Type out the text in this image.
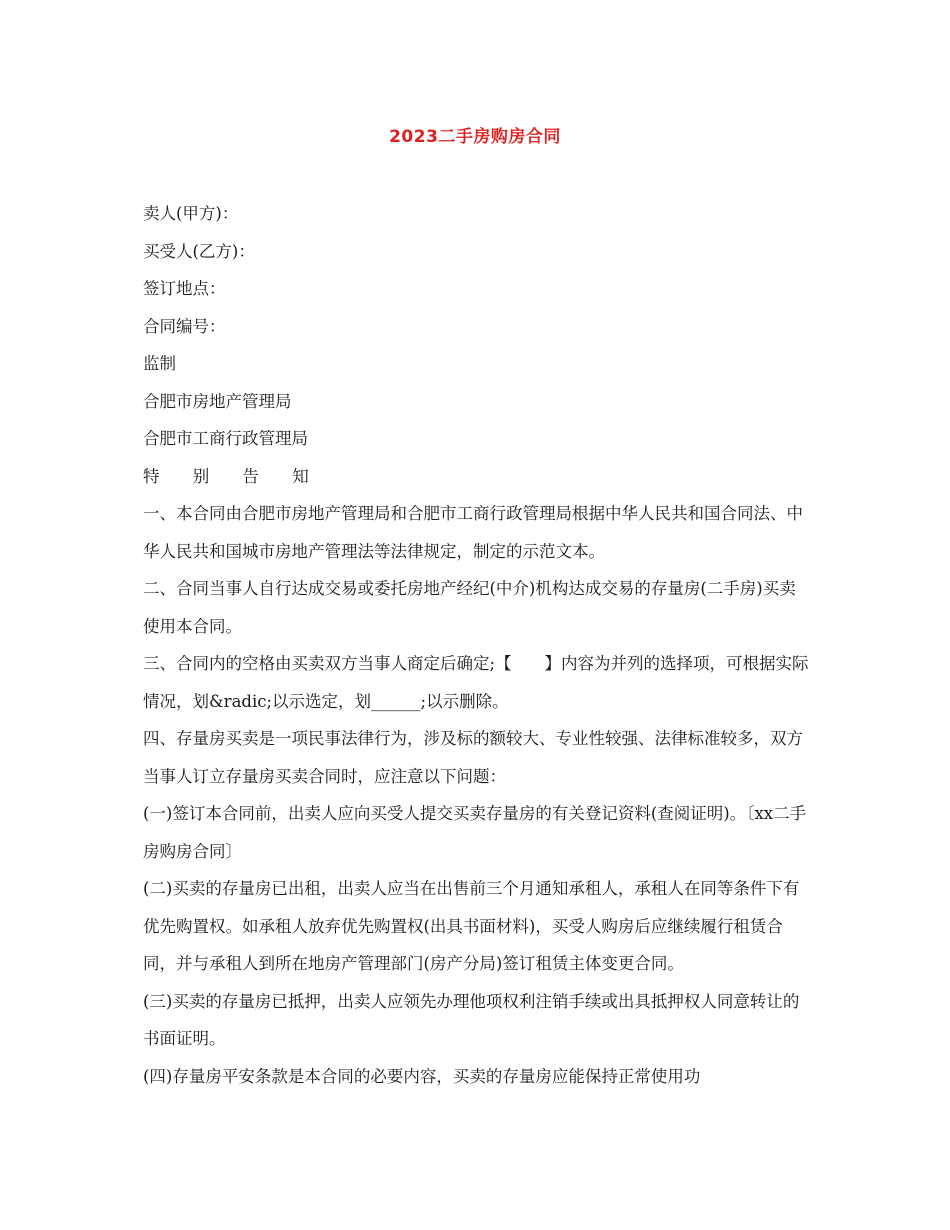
2023二手房购房合同

卖人(甲方)：

买受人(乙方)：

签订地点：

合同编号：

监制

合肥市房地产管理局

合肥市工商行政管理局

特 别 告 知

一、本合同由合肥市房地产管理局和合肥市工商行政管理局根据中华人民共和国合同法、中华人民共和国城市房地产管理法等法律规定，制定的示范文本。

二、合同当事人自行达成交易或委托房地产经纪(中介)机构达成交易的存量房(二手房)买卖使用本合同。

三、合同内的空格由买卖双方当事人商定后确定;【　　】内容为并列的选择项，可根据实际情况，划&radic;以示选定，划______;以示删除。

四、存量房买卖是一项民事法律行为，涉及标的额较大、专业性较强、法律标准较多，双方当事人订立存量房买卖合同时，应注意以下问题：

(一)签订本合同前，出卖人应向买受人提交买卖存量房的有关登记资料(查阅证明)。〔xx二手房购房合同〕

(二)买卖的存量房已出租，出卖人应当在出售前三个月通知承租人，承租人在同等条件下有优先购置权。如承租人放弃优先购置权(出具书面材料)，买受人购房后应继续履行租赁合同，并与承租人到所在地房产管理部门(房产分局)签订租赁主体变更合同。

(三)买卖的存量房已抵押，出卖人应领先办理他项权利注销手续或出具抵押权人同意转让的书面证明。

(四)存量房平安条款是本合同的必要内容，买卖的存量房应能保持正常使用功
